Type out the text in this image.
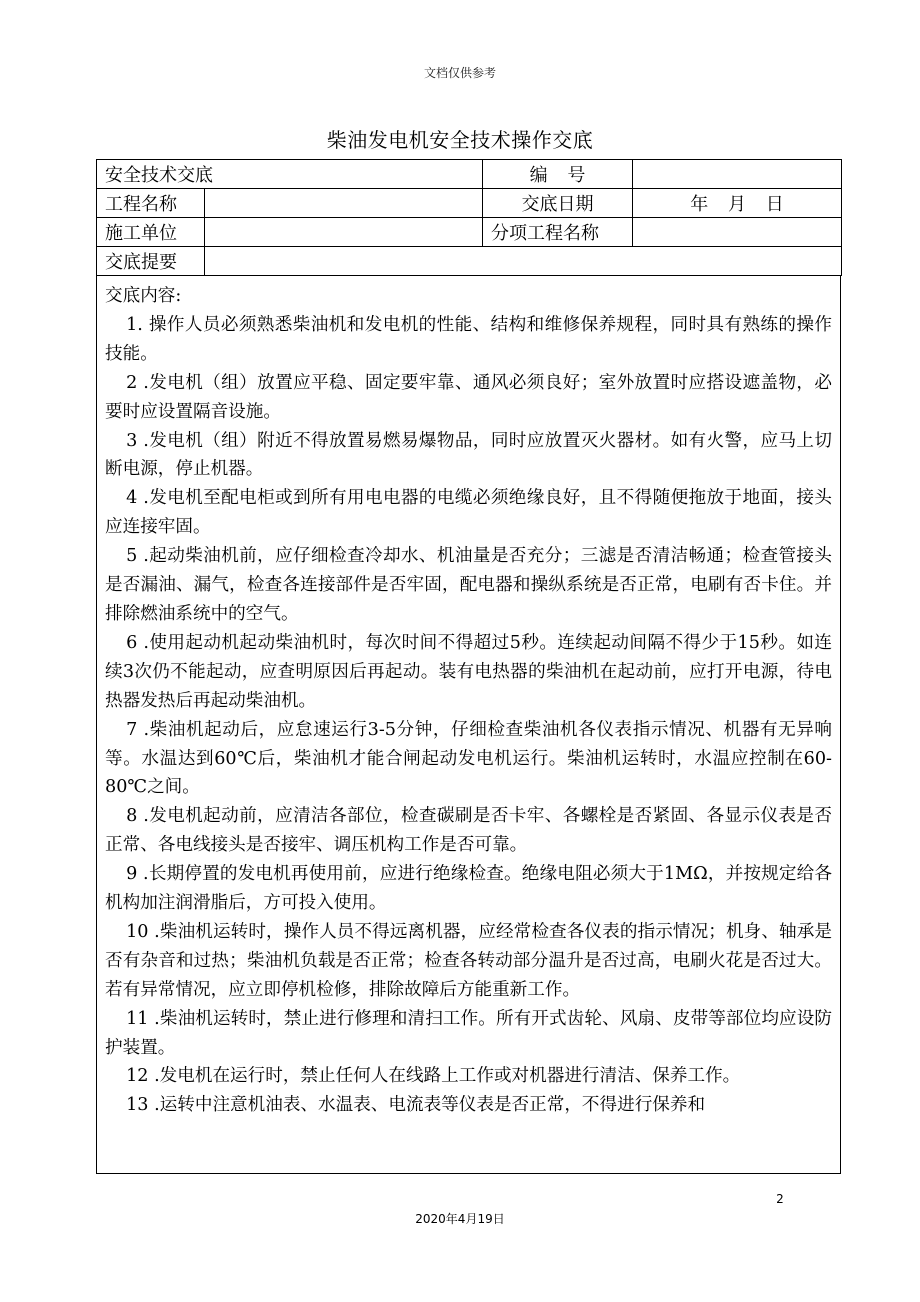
文档仅供参考
柴油发电机安全技术操作交底
安全技术交底		编 号	
工程名称		交底日期	年 月 日
施工单位		分项工程名称	
交底提要			

交底内容:

1. 操作人员必须熟悉柴油机和发电机的性能、结构和维修保养规程，同时具有熟练的操作技能。

2 .发电机（组）放置应平稳、固定要牢靠、通风必须良好；室外放置时应搭设遮盖物，必要时应设置隔音设施。

3 .发电机（组）附近不得放置易燃易爆物品，同时应放置灭火器材。如有火警，应马上切断电源，停止机器。

4 .发电机至配电柜或到所有用电电器的电缆必须绝缘良好，且不得随便拖放于地面，接头应连接牢固。

5 .起动柴油机前，应仔细检查冷却水、机油量是否充分；三滤是否清洁畅通；检查管接头是否漏油、漏气，检查各连接部件是否牢固，配电器和操纵系统是否正常，电刷有否卡住。并排除燃油系统中的空气。

6 .使用起动机起动柴油机时，每次时间不得超过5秒。连续起动间隔不得少于15秒。如连续3次仍不能起动，应查明原因后再起动。装有电热器的柴油机在起动前，应打开电源，待电热器发热后再起动柴油机。

7 .柴油机起动后，应怠速运行3-5分钟，仔细检查柴油机各仪表指示情况、机器有无异响等。水温达到60℃后，柴油机才能合闸起动发电机运行。柴油机运转时，水温应控制在60-80℃之间。

8 .发电机起动前，应清洁各部位，检查碳刷是否卡牢、各螺栓是否紧固、各显示仪表是否正常、各电线接头是否接牢、调压机构工作是否可靠。

9 .长期停置的发电机再使用前，应进行绝缘检查。绝缘电阻必须大于1MΩ，并按规定给各机构加注润滑脂后，方可投入使用。

10 .柴油机运转时，操作人员不得远离机器，应经常检查各仪表的指示情况；机身、轴承是否有杂音和过热；柴油机负载是否正常；检查各转动部分温升是否过高，电刷火花是否过大。若有异常情况，应立即停机检修，排除故障后方能重新工作。

11 .柴油机运转时，禁止进行修理和清扫工作。所有开式齿轮、风扇、皮带等部位均应设防护装置。

12 .发电机在运行时，禁止任何人在线路上工作或对机器进行清洁、保养工作。

13 .运转中注意机油表、水温表、电流表等仪表是否正常，不得进行保养和

2
2020年4月19日
